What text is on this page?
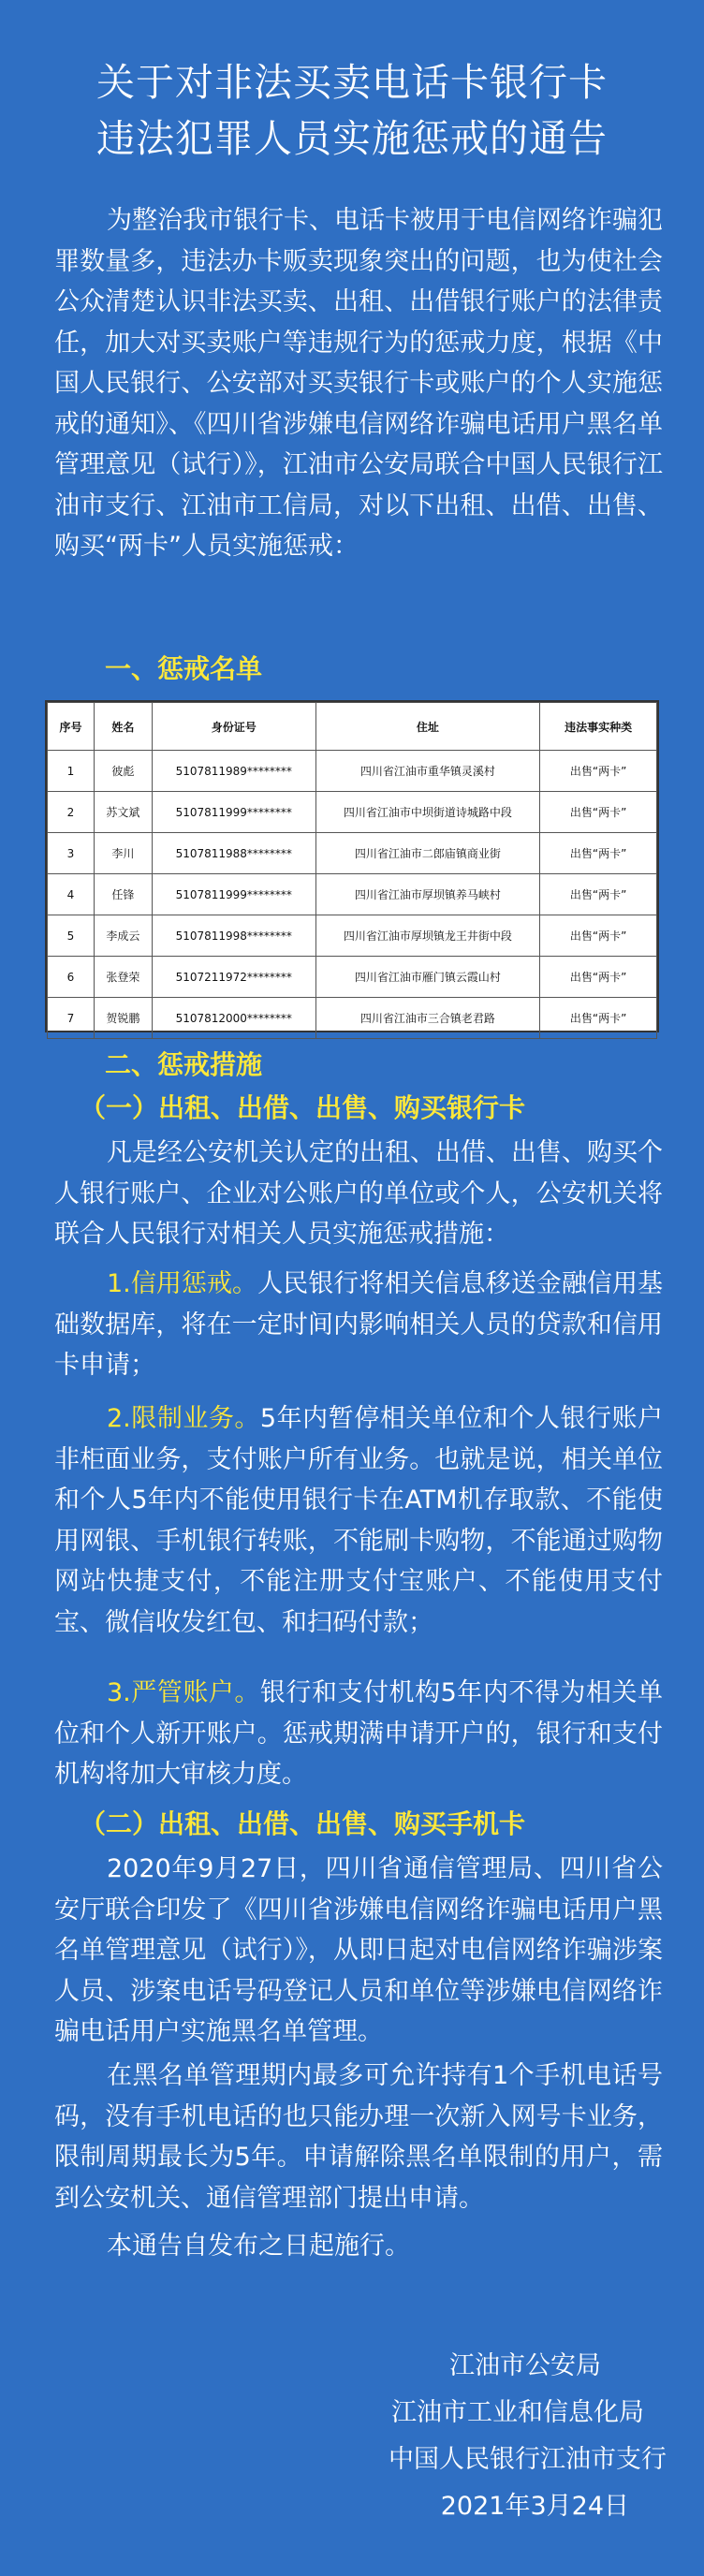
关于对非法买卖电话卡银行卡
违法犯罪人员实施惩戒的通告

为整治我市银行卡、电话卡被用于电信网络诈骗犯罪数量多，违法办卡贩卖现象突出的问题，也为使社会公众清楚认识非法买卖、出租、出借银行账户的法律责任，加大对买卖账户等违规行为的惩戒力度，根据《中国人民银行、公安部对买卖银行卡或账户的个人实施惩戒的通知》、《四川省涉嫌电信网络诈骗电话用户黑名单管理意见（试行）》，江油市公安局联合中国人民银行江油市支行、江油市工信局，对以下出租、出借、出售、购买“两卡”人员实施惩戒：

一、惩戒名单
序号	姓名	身份证号	住址	违法事实种类
1	彼彪	5107811989********	四川省江油市重华镇灵溪村	出售“两卡”
2	苏文斌	5107811999********	四川省江油市中坝街道诗城路中段	出售“两卡”
3	李川	5107811988********	四川省江油市二郎庙镇商业街	出售“两卡”
4	任锋	5107811999********	四川省江油市厚坝镇养马峡村	出售“两卡”
5	李成云	5107811998********	四川省江油市厚坝镇龙王井街中段	出售“两卡”
6	张登荣	5107211972********	四川省江油市雁门镇云霞山村	出售“两卡”
7	贺锐鹏	5107812000********	四川省江油市三合镇老君路	出售“两卡”
二、惩戒措施
（一）出租、出借、出售、购买银行卡

凡是经公安机关认定的出租、出借、出售、购买个人银行账户、企业对公账户的单位或个人，公安机关将联合人民银行对相关人员实施惩戒措施：

1.信用惩戒。人民银行将相关信息移送金融信用基础数据库，将在一定时间内影响相关人员的贷款和信用卡申请；

2.限制业务。5年内暂停相关单位和个人银行账户非柜面业务，支付账户所有业务。也就是说，相关单位和个人5年内不能使用银行卡在ATM机存取款、不能使用网银、手机银行转账，不能刷卡购物，不能通过购物网站快捷支付，不能注册支付宝账户、不能使用支付宝、微信收发红包、和扫码付款；

3.严管账户。银行和支付机构5年内不得为相关单位和个人新开账户。惩戒期满申请开户的，银行和支付机构将加大审核力度。

（二）出租、出借、出售、购买手机卡

2020年9月27日，四川省通信管理局、四川省公安厅联合印发了《四川省涉嫌电信网络诈骗电话用户黑名单管理意见（试行）》，从即日起对电信网络诈骗涉案人员、涉案电话号码登记人员和单位等涉嫌电信网络诈骗电话用户实施黑名单管理。

在黑名单管理期内最多可允许持有1个手机电话号码，没有手机电话的也只能办理一次新入网号卡业务，限制周期最长为5年。申请解除黑名单限制的用户，需到公安机关、通信管理部门提出申请。

本通告自发布之日起施行。

江油市公安局
江油市工业和信息化局
中国人民银行江油市支行
2021年3月24日
